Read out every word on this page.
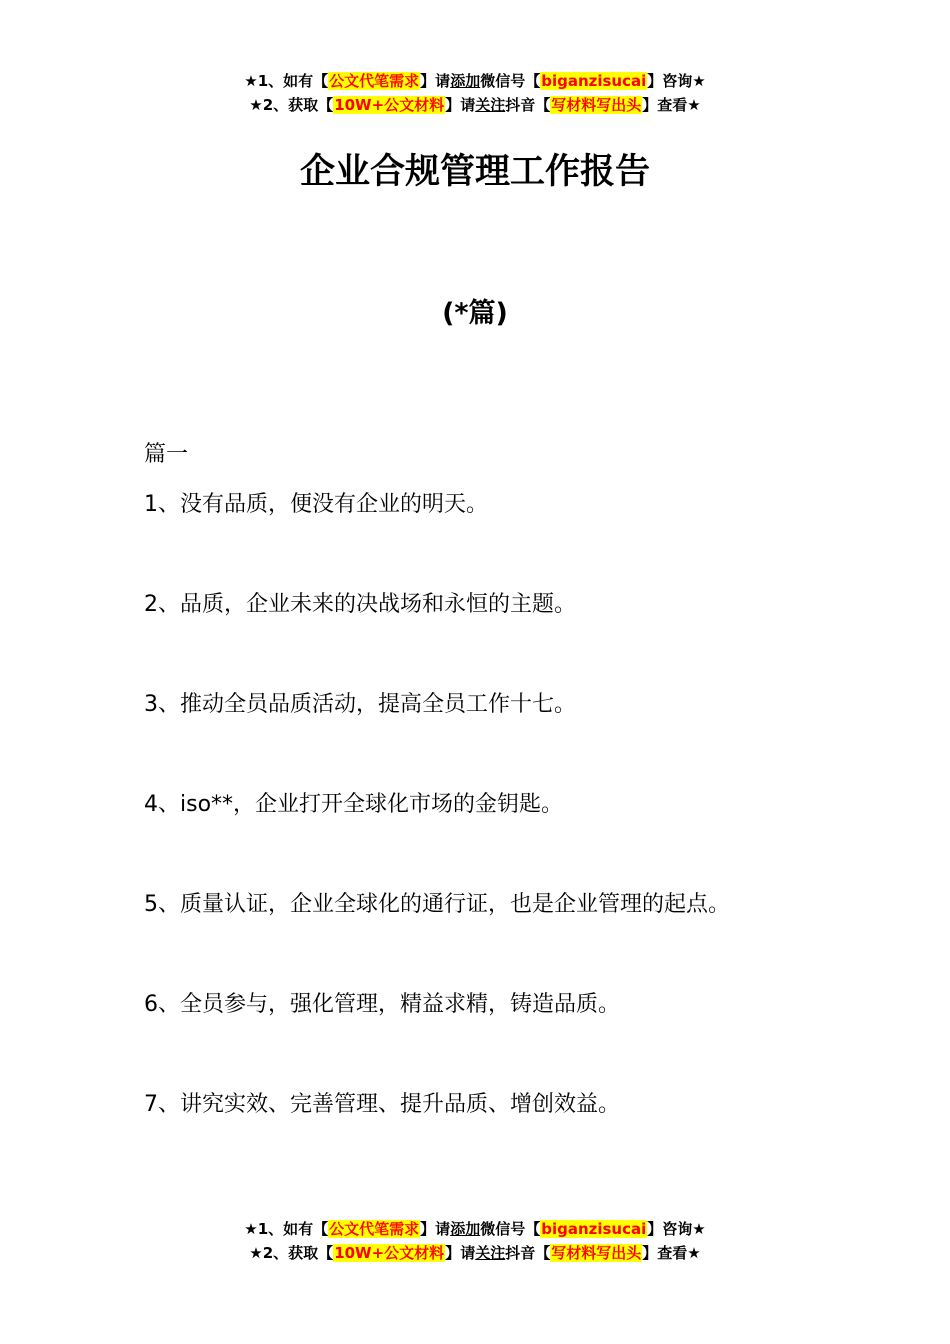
★1、如有【公文代笔需求】请添加微信号【biganzisucai】咨询★
★2、获取【10W+公文材料】请关注抖音【写材料写出头】查看★
企业合规管理工作报告
(*篇)
篇一
1、没有品质，便没有企业的明天。
2、品质，企业未来的决战场和永恒的主题。
3、推动全员品质活动，提高全员工作十七。
4、iso**，企业打开全球化市场的金钥匙。
5、质量认证，企业全球化的通行证，也是企业管理的起点。
6、全员参与，强化管理，精益求精，铸造品质。
7、讲究实效、完善管理、提升品质、增创效益。
★1、如有【公文代笔需求】请添加微信号【biganzisucai】咨询★
★2、获取【10W+公文材料】请关注抖音【写材料写出头】查看★
